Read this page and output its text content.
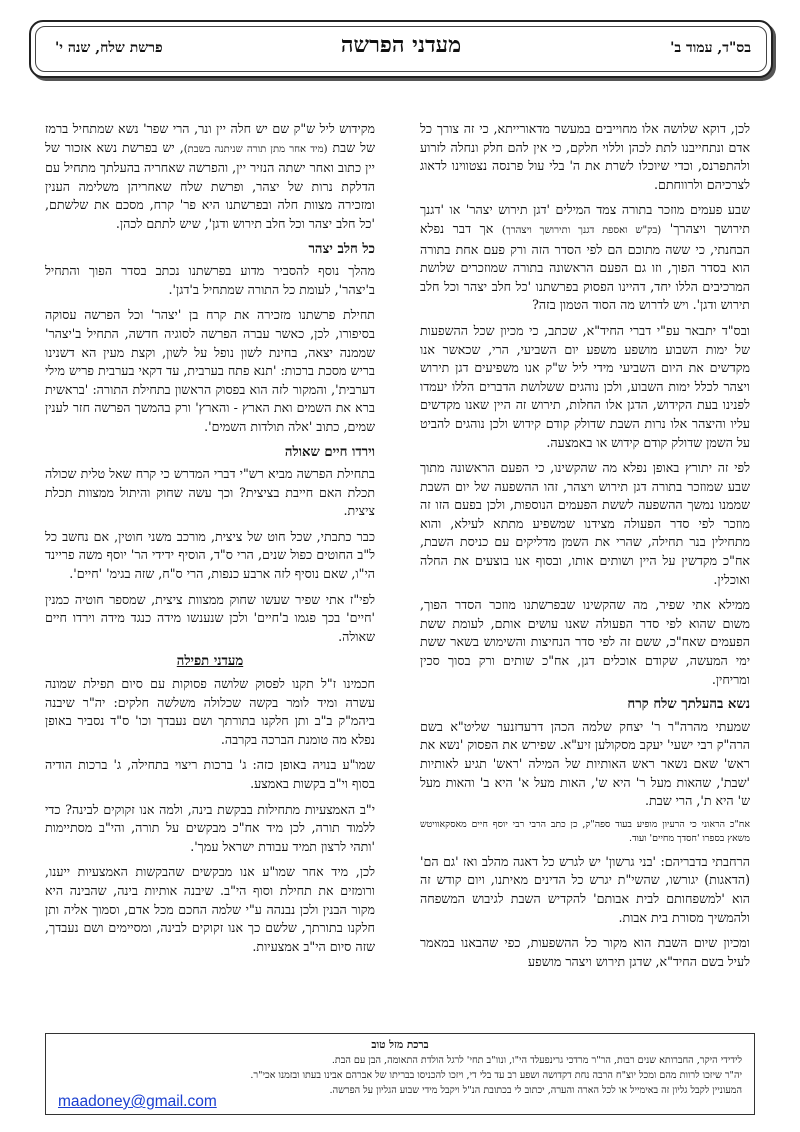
בס"ד, עמוד ב'
מעדני הפרשה
פרשת שלח, שנה י'

לכן, דוקא שלושה אלו מחוייבים במעשר מדאורייתא, כי זה צורך כל אדם ונתחייבנו לתת לכהן וללוי חלקם, כי אין להם חלק ונחלה לזרוע ולהתפרנס, וכדי שיוכלו לשרת את ה' בלי עול פרנסה נצטווינו לדאוג לצרכיהם ולרווחתם.

שבע פעמים מוזכר בתורה צמד המילים 'דגן תירוש יצהר' או 'דגנך תירושך ויצהרך' (בק"ש ואספת דגנך ותירושך ויצהרך) אך דבר נפלא הבחנתי, כי ששה מתוכם הם לפי הסדר הזה ורק פעם אחת בתורה הוא בסדר הפוך, וזו גם הפעם הראשונה בתורה שמוזכרים שלושת המרכיבים הללו יחד, דהיינו הפסוק בפרשתנו 'כל חלב יצהר וכל חלב תירוש ודגן'. ויש לדרוש מה הסוד הטמון בזה?

ובס"ד יתבאר עפ"י דברי החיד"א, שכתב, כי מכיון שכל ההשפעות של ימות השבוע מושפע משפע יום השביעי, הרי, שכאשר אנו מקדשים את היום השביעי מידי ליל ש"ק אנו משפיעים דגן תירוש ויצהר לכלל ימות השבוע, ולכן נוהגים ששלושת הדברים הללו יעמדו לפנינו בעת הקידוש, הדגן אלו החלות, תירוש זה היין שאנו מקדשים עליו והיצהר אלו נרות השבת שדולק קודם קידוש ולכן נוהגים להביט על השמן שדולק קודם קידוש או באמצעה.

לפי זה יתורץ באופן נפלא מה שהקשינו, כי הפעם הראשונה מתוך שבע שמוזכר בתורה דגן תירוש ויצהר, זהו ההשפעה של יום השבת שממנו נמשך ההשפעה לששת הפעמים הנוספות, ולכן בפעם הזו זה מוזכר לפי סדר הפעולה מצידנו שמשפיע מתתא לעילא, והוא מתחילין בנר תחילה, שהרי את השמן מדליקים עם כניסת השבת, אח"כ מקדשין על היין ושותים אותו, ובסוף אנו בוצעים את החלה ואוכלין.

ממילא אתי שפיר, מה שהקשינו שבפרשתנו מוזכר הסדר הפוך, משום שהוא לפי סדר הפעולה שאנו עושים אותם, לעומת ששת הפעמים שאח"כ, ששם זה לפי סדר הנחיצות והשימוש בשאר ששת ימי המעשה, שקודם אוכלים דגן, אח"כ שותים ורק בסוך סכין ומריחין.

נשא בהעלתך שלח קרח

שמעתי מהרה"ר ר' יצחק שלמה הכהן דרעדזנער שליט"א בשם הרה"ק רבי ישעי' יעקב מסקולען זיע"א. שפירש את הפסוק 'נשא את ראש' שאם נשאר ראש האותיות של המילה 'ראש' תגיע לאותיות 'שבת', שהאות מעל ר' היא ש', האות מעל א' היא ב' והאות מעל ש' היא ת', הרי שבת.

אח"כ הראוני כי הרעיון מופיע בעוד ספה"ק, כן כתב הרבי רבי יוסף חיים מאסקאוויטש משאץ בספרו 'חסדך מחיים' ועוד.

הרחבתי בדבריהם: 'בני גרשון' יש לגרש כל דאגה מהלב ואז 'גם הם' (הדאגות) יגורשו, שהשי"ת יגרש כל הדינים מאיתנו, ויום קודש זה הוא 'למשפחותם לבית אבותם' להקדיש השבת לגיבוש המשפחה ולהמשיך מסורת בית אבות.

ומכיון שיום השבת הוא מקור כל ההשפעות, כפי שהבאנו במאמר לעיל בשם החיד"א, שדגן תירוש ויצהר מושפע

מקידוש ליל ש"ק שם יש חלה יין ונר, הרי שפר' נשא שמתחיל ברמז של שבת (מיד אחר מתן תורה שניתנה בשבת), יש בפרשת נשא אזכור של יין כתוב ואחר ישתה הנזיר יין, והפרשה שאחריה בהעלתך מתחיל עם הדלקת נרות של יצהר, ופרשת שלח שאחריהן משלימה הענין ומזכירה מצוות חלה ובפרשתנו היא פר' קרח, מסכם את שלשתם, 'כל חלב יצהר וכל חלב תירוש ודגן', שיש לתתם לכהן.

כל חלב יצהר

מהלך נוסף להסביר מדוע בפרשתנו נכתב בסדר הפוך והתחיל ב'יצהר', לעומת כל התורה שמתחיל ב'דגן'.

תחילת פרשתנו מזכירה את קרח בן 'יצהר' וכל הפרשה עסוקה בסיפורו, לכן, כאשר עברה הפרשה לסוגיה חדשה, התחיל ב'יצהר' שממנה יצאה, בחינת לשון נופל על לשון, וקצת מעין הא דשנינו בריש מסכת ברכות: 'תנא פתח בערבית, עד דקאי בערבית פריש מילי דערבית', והמקור לזה הוא בפסוק הראשון בתחילת התורה: 'בראשית ברא את השמים ואת הארץ - והארץ' ורק בהמשך הפרשה חזר לענין שמים, כתוב 'אלה תולדות השמים'.

וירדו חיים שאולה

בתחילת הפרשה מביא רש"י דברי המדרש כי קרח שאל טלית שכולה תכלת האם חייבת בציצית? וכך עשה שחוק והיתול ממצוות תכלת ציצית.

כבר כתבתי, שכל חוט של ציצית, מורכב משני חוטין, אם נחשב כל ל"ב החוטים כפול שנים, הרי ס"ד, הוסיף ידידי הר' יוסף משה פריינד הי"ו, שאם נוסיף לזה ארבע כנפות, הרי ס"ח, שזה בגימ' 'חיים'.

לפי"ז אתי שפיר שעשו שחוק ממצוות ציצית, שמספר חוטיה כמנין 'חיים' בכך פגמו ב'חיים' ולכן שנענשו מידה כנגד מידה וירדו חיים שאולה.

מעדני תפילה

חכמינו ז"ל תקנו לפסוק שלושה פסוקות עם סיום תפילת שמונה עשרה ומיד לומר בקשה שכלולה משלשה חלקים: יה"ר שיבנה ביהמ"ק ב"ב ותן חלקנו בתורתך ושם נעבדך וכו' ס"ד נסביר באופן נפלא מה טומנת הברכה בקרבה.

שמו"ע בנויה באופן כזה: ג' ברכות ריצוי בתחילה, ג' ברכות הודיה בסוף וי"ב בקשות באמצע.

י"ב האמצעיות מתחילות בבקשת בינה, ולמה אנו זקוקים לבינה? כדי ללמוד תורה, לכן מיד אח"כ מבקשים על תורה, והי"ב מסתיימות 'ותהי לרצון תמיד עבודת ישראל עמך'.

לכן, מיד אחר שמו"ע אנו מבקשים שהבקשות האמצעיות ייענו, ורומזים את תחילת וסוף הי"ב. שיבנה אותיות בינה, שהבינה היא מקור הבנין ולכן נבנהה ע"י שלמה החכם מכל אדם, וסמוך אליה ותן חלקנו בתורתך, שלשם כך אנו זקוקים לבינה, ומסיימים ושם נעבדך, שזה סיום הי"ב אמצעיות.

ברכת מזל טוב
לידידי היקר, החברותא שנים רבות, הר"ר מרדכי גרינפעלד הי"ו, ונוו"ב תחי' לרגל הולדת התאומה, הבן עם הבת.
יה"ר שיזכו לרוות מהם ומכל יוצ"ח הרבה נחת דקדושה ושפע רב עד בלי די, ויזכו להכניסו בבריתו של אברהם אבינו בעתו ובזמנו אכי"ר.
המעוניין לקבל גליון זה באימייל או לכל הארה והערה, יכתוב לי בכתובת הנ"ל ויקבל מידי שבוע הגליון על הפרשה.
maadoney@gmail.com
